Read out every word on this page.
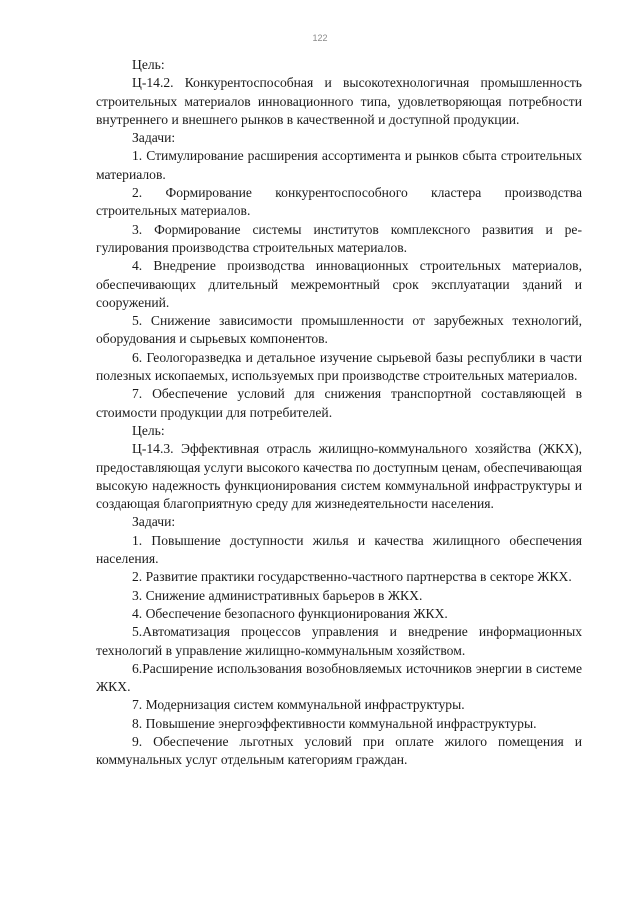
122

Цель:

Ц-14.2. Конкурентоспособная и высокотехнологичная промышленность строительных материалов инновационного типа, удовлетворяющая потребности внутреннего и внешнего рынков в качественной и доступной продукции.

Задачи:

1. Стимулирование расширения ассортимента и рынков сбыта строительных материалов.

2. Формирование конкурентоспособного кластера производства строительных материалов.

3. Формирование системы институтов комплексного развития и регулирования производства строительных материалов.

4. Внедрение производства инновационных строительных материалов, обеспечивающих длительный межремонтный срок эксплуатации зданий и сооружений.

5. Снижение зависимости промышленности от зарубежных технологий, оборудования и сырьевых компонентов.

6. Геологоразведка и детальное изучение сырьевой базы республики в части полезных ископаемых, используемых при производстве строительных материалов.

7. Обеспечение условий для снижения транспортной составляющей в стоимости продукции для потребителей.

Цель:

Ц-14.3. Эффективная отрасль жилищно-коммунального хозяйства (ЖКХ), предоставляющая услуги высокого качества по доступным ценам, обеспечивающая высокую надежность функционирования систем коммунальной инфраструктуры и создающая благоприятную среду для жизнедеятельности населения.

Задачи:

1. Повышение доступности жилья и качества жилищного обеспечения населения.

2. Развитие практики государственно-частного партнерства в секторе ЖКХ.

3. Снижение административных барьеров в ЖКХ.

4. Обеспечение безопасного функционирования ЖКХ.

5.Автоматизация процессов управления и внедрение информационных технологий в управление жилищно-коммунальным хозяйством.

6.Расширение использования возобновляемых источников энергии в системе ЖКХ.

7. Модернизация систем коммунальной инфраструктуры.

8. Повышение энергоэффективности коммунальной инфраструктуры.

9. Обеспечение льготных условий при оплате жилого помещения и коммунальных услуг отдельным категориям граждан.
